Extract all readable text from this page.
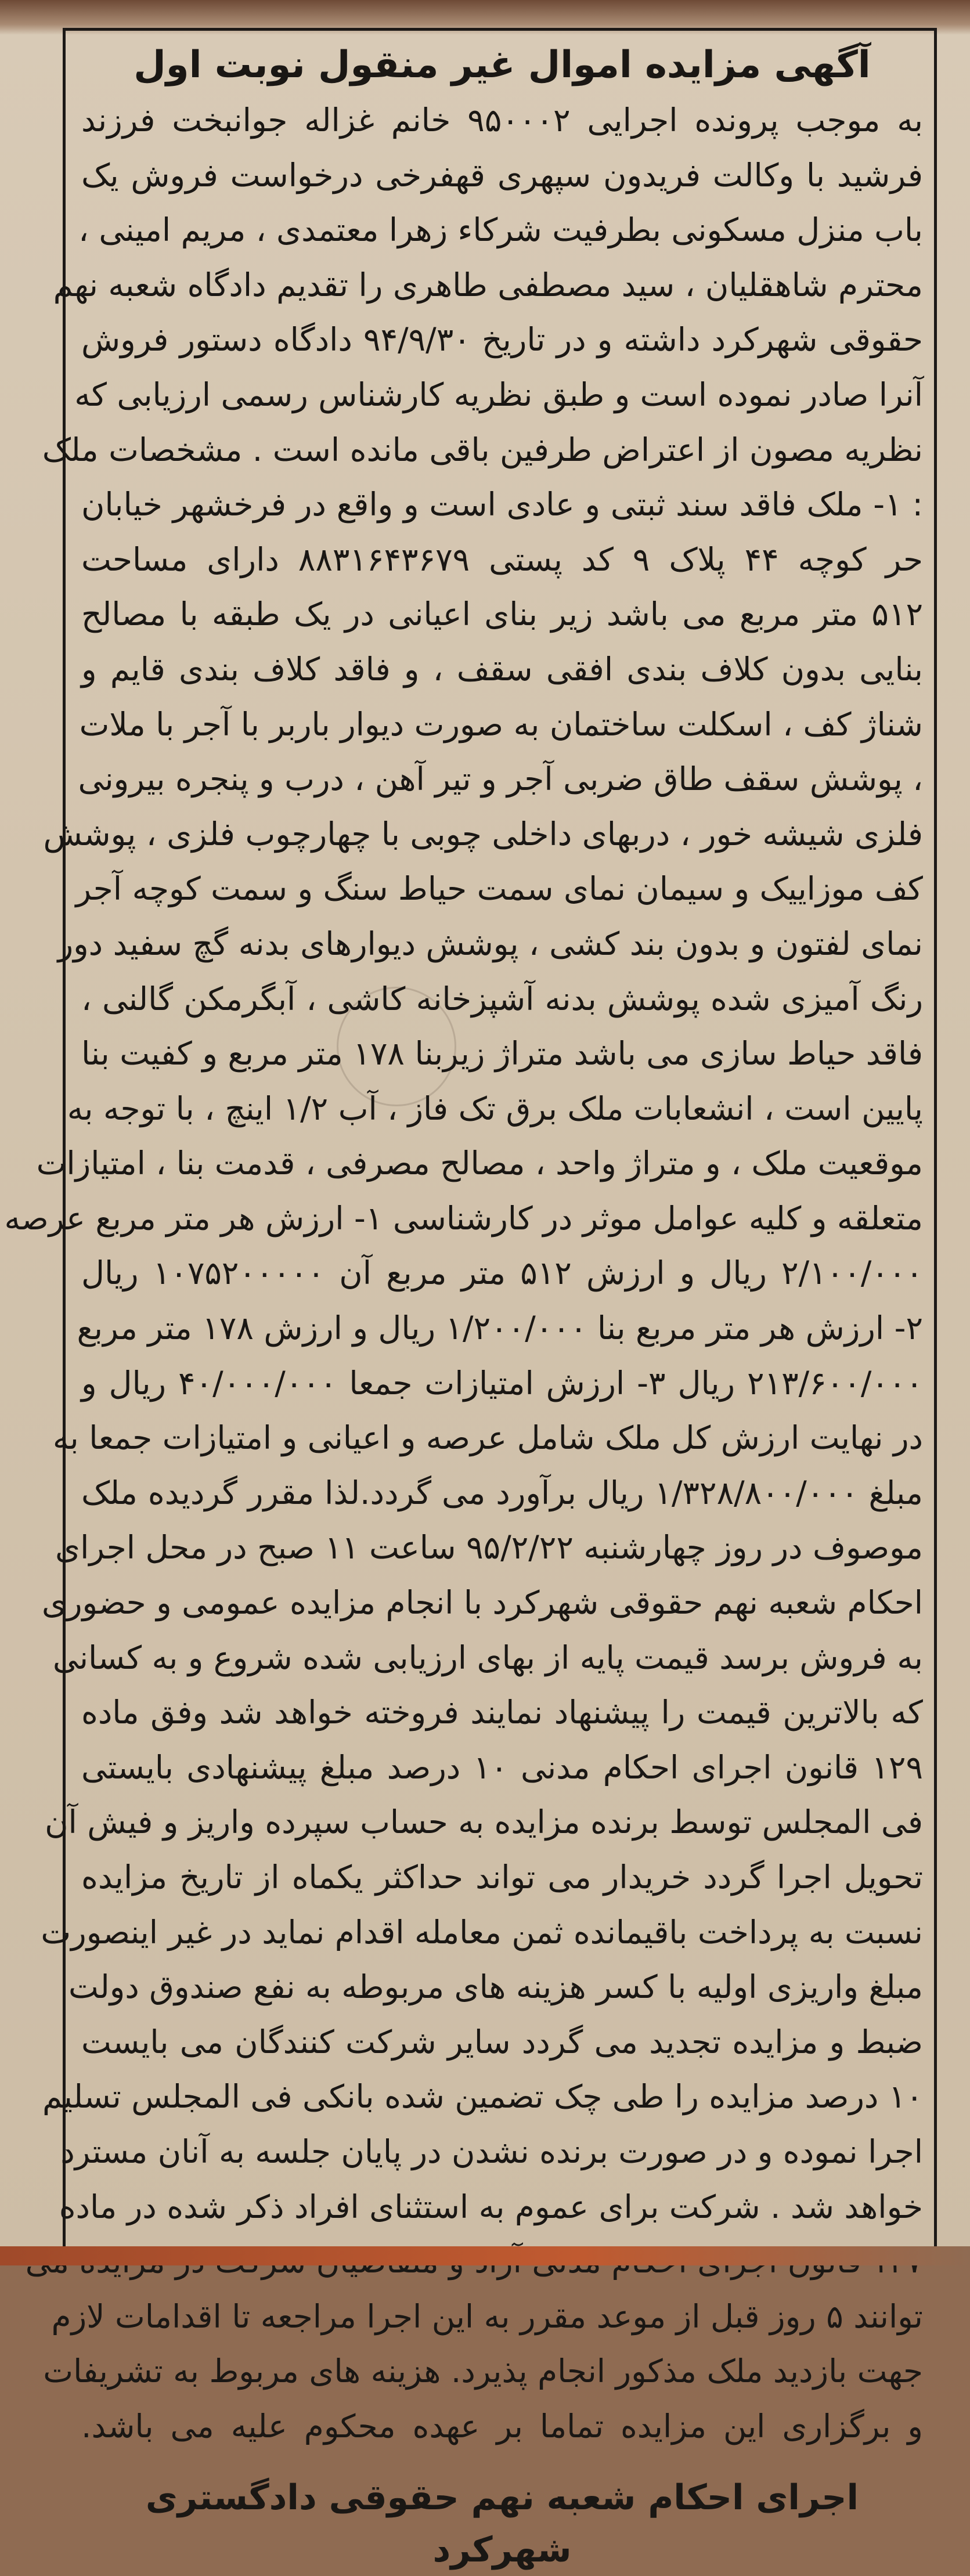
آگهی مزایده اموال غیر منقول نوبت اول
به موجب پرونده اجرایی ۹۵۰۰۰۲ خانم غزاله جوانبخت فرزند
فرشید با وکالت فریدون سپهری قهفرخی درخواست فروش یک
باب منزل مسکونی بطرفیت شرکاء زهرا معتمدی ، مریم امینی ،
محترم شاهقلیان ، سید مصطفی طاهری را تقدیم دادگاه شعبه نهم
حقوقی شهرکرد داشته و در تاریخ ۹۴/۹/۳۰ دادگاه دستور فروش
آنرا صادر نموده است و طبق نظریه کارشناس رسمی ارزیابی که
نظریه مصون از اعتراض طرفین باقی مانده است . مشخصات ملک
: ۱- ملک فاقد سند ثبتی و عادی است و واقع در فرخشهر خیابان
حر کوچه ۴۴ پلاک ۹ کد پستی ۸۸۳۱۶۴۳۶۷۹ دارای مساحت
۵۱۲ متر مربع می باشد زیر بنای اعیانی در یک طبقه با مصالح
بنایی بدون کلاف بندی افقی سقف ، و فاقد کلاف بندی قایم و
شناژ کف ، اسکلت ساختمان به صورت دیوار باربر با آجر با ملات
، پوشش سقف طاق ضربی آجر و تیر آهن ، درب و پنجره بیرونی
فلزی شیشه خور ، دربهای داخلی چوبی با چهارچوب فلزی ، پوشش
کف موزاییک و سیمان نمای سمت حیاط سنگ و سمت کوچه آجر
نمای لفتون و بدون بند کشی ، پوشش دیوارهای بدنه گچ سفید دور
رنگ آمیزی شده پوشش بدنه آشپزخانه کاشی ، آبگرمکن گالنی ،
فاقد حیاط سازی می باشد متراژ زیربنا ۱۷۸ متر مربع و کفیت بنا
پایین است ، انشعابات ملک برق تک فاز ، آب ۱/۲ اینچ ، با توجه به
موقعیت ملک ، و متراژ واحد ، مصالح مصرفی ، قدمت بنا ، امتیازات
متعلقه و کلیه عوامل موثر در کارشناسی ۱- ارزش هر متر مربع عرصه
۲/۱۰۰/۰۰۰ ریال و ارزش ۵۱۲ متر مربع آن ۱۰۷۵۲۰۰۰۰۰ ریال
۲- ارزش هر متر مربع بنا ۱/۲۰۰/۰۰۰ ریال و ارزش ۱۷۸ متر مربع
۲۱۳/۶۰۰/۰۰۰ ریال ۳- ارزش امتیازات جمعا ۴۰/۰۰۰/۰۰۰ ریال و
در نهایت ارزش کل ملک شامل عرصه و اعیانی و امتیازات جمعا به
مبلغ ۱/۳۲۸/۸۰۰/۰۰۰ ریال برآورد می گردد.لذا مقرر گردیده ملک
موصوف در روز چهارشنبه ۹۵/۲/۲۲ ساعت ۱۱ صبح در محل اجرای
احکام شعبه نهم حقوقی شهرکرد با انجام مزایده عمومی و حضوری
به فروش برسد قیمت پایه از بهای ارزیابی شده شروع و به کسانی
که بالاترین قیمت را پیشنهاد نمایند فروخته خواهد شد وفق ماده
۱۲۹ قانون اجرای احکام مدنی ۱۰ درصد مبلغ پیشنهادی بایستی
فی المجلس توسط برنده مزایده به حساب سپرده واریز و فیش آن
تحویل اجرا گردد خریدار می تواند حداکثر یکماه از تاریخ مزایده
نسبت به پرداخت باقیمانده ثمن معامله اقدام نماید در غیر اینصورت
مبلغ واریزی اولیه با کسر هزینه های مربوطه به نفع صندوق دولت
ضبط و مزایده تجدید می گردد سایر شرکت کنندگان می بایست
۱۰ درصد مزایده را طی چک تضمین شده بانکی فی المجلس تسلیم
اجرا نموده و در صورت برنده نشدن در پایان جلسه به آنان مسترد
خواهد شد . شرکت برای عموم به استثنای افراد ذکر شده در ماده
توانند ۵ روز قبل از موعد مقرر به این اجرا مراجعه تا اقدامات لازم
جهت بازدید ملک مذکور انجام پذیرد. هزینه های مربوط به تشریفات
و برگزاری این مزایده تماما بر عهده محکوم علیه می باشد.
اجرای احکام شعبه نهم حقوقی دادگستری شهرکرد
